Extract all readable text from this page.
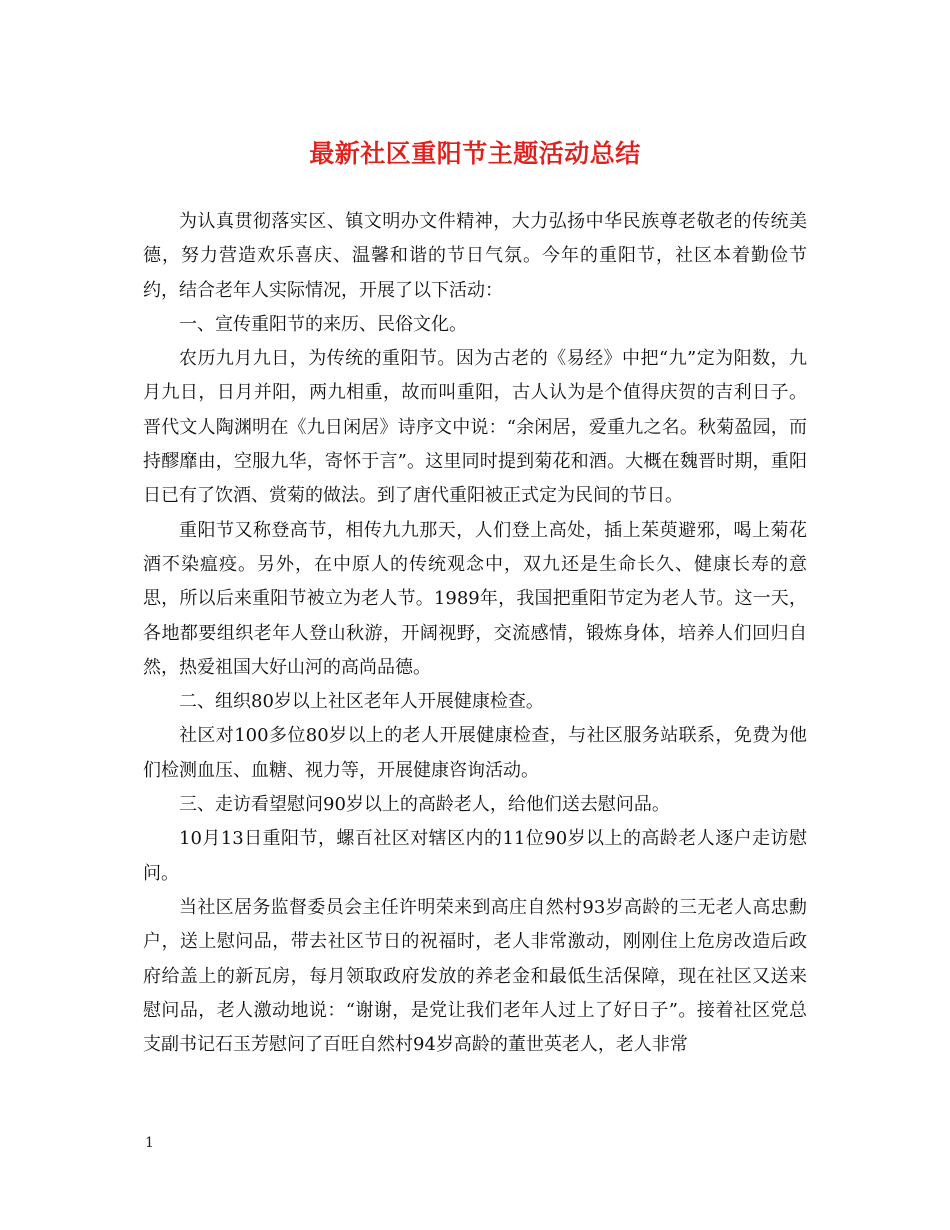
最新社区重阳节主题活动总结

为认真贯彻落实区、镇文明办文件精神，大力弘扬中华民族尊老敬老的传统美德，努力营造欢乐喜庆、温馨和谐的节日气氛。今年的重阳节，社区本着勤俭节约，结合老年人实际情况，开展了以下活动：

一、宣传重阳节的来历、民俗文化。

农历九月九日，为传统的重阳节。因为古老的《易经》中把“九”定为阳数，九月九日，日月并阳，两九相重，故而叫重阳，古人认为是个值得庆贺的吉利日子。晋代文人陶渊明在《九日闲居》诗序文中说：“余闲居，爱重九之名。秋菊盈园，而持醪靡由，空服九华，寄怀于言”。这里同时提到菊花和酒。大概在魏晋时期，重阳日已有了饮酒、赏菊的做法。到了唐代重阳被正式定为民间的节日。

重阳节又称登高节，相传九九那天，人们登上高处，插上茱萸避邪，喝上菊花酒不染瘟疫。另外，在中原人的传统观念中，双九还是生命长久、健康长寿的意思，所以后来重阳节被立为老人节。1989年，我国把重阳节定为老人节。这一天，各地都要组织老年人登山秋游，开阔视野，交流感情，锻炼身体，培养人们回归自然，热爱祖国大好山河的高尚品德。

二、组织80岁以上社区老年人开展健康检查。

社区对100多位80岁以上的老人开展健康检查，与社区服务站联系，免费为他们检测血压、血糖、视力等，开展健康咨询活动。

三、走访看望慰问90岁以上的高龄老人，给他们送去慰问品。

10月13日重阳节，螺百社区对辖区内的11位90岁以上的高龄老人逐户走访慰问。

当社区居务监督委员会主任许明荣来到高庄自然村93岁高龄的三无老人高忠勳户，送上慰问品，带去社区节日的祝福时，老人非常激动，刚刚住上危房改造后政府给盖上的新瓦房，每月领取政府发放的养老金和最低生活保障，现在社区又送来慰问品，老人激动地说：“谢谢，是党让我们老年人过上了好日子”。接着社区党总支副书记石玉芳慰问了百旺自然村94岁高龄的董世英老人，老人非常

1
